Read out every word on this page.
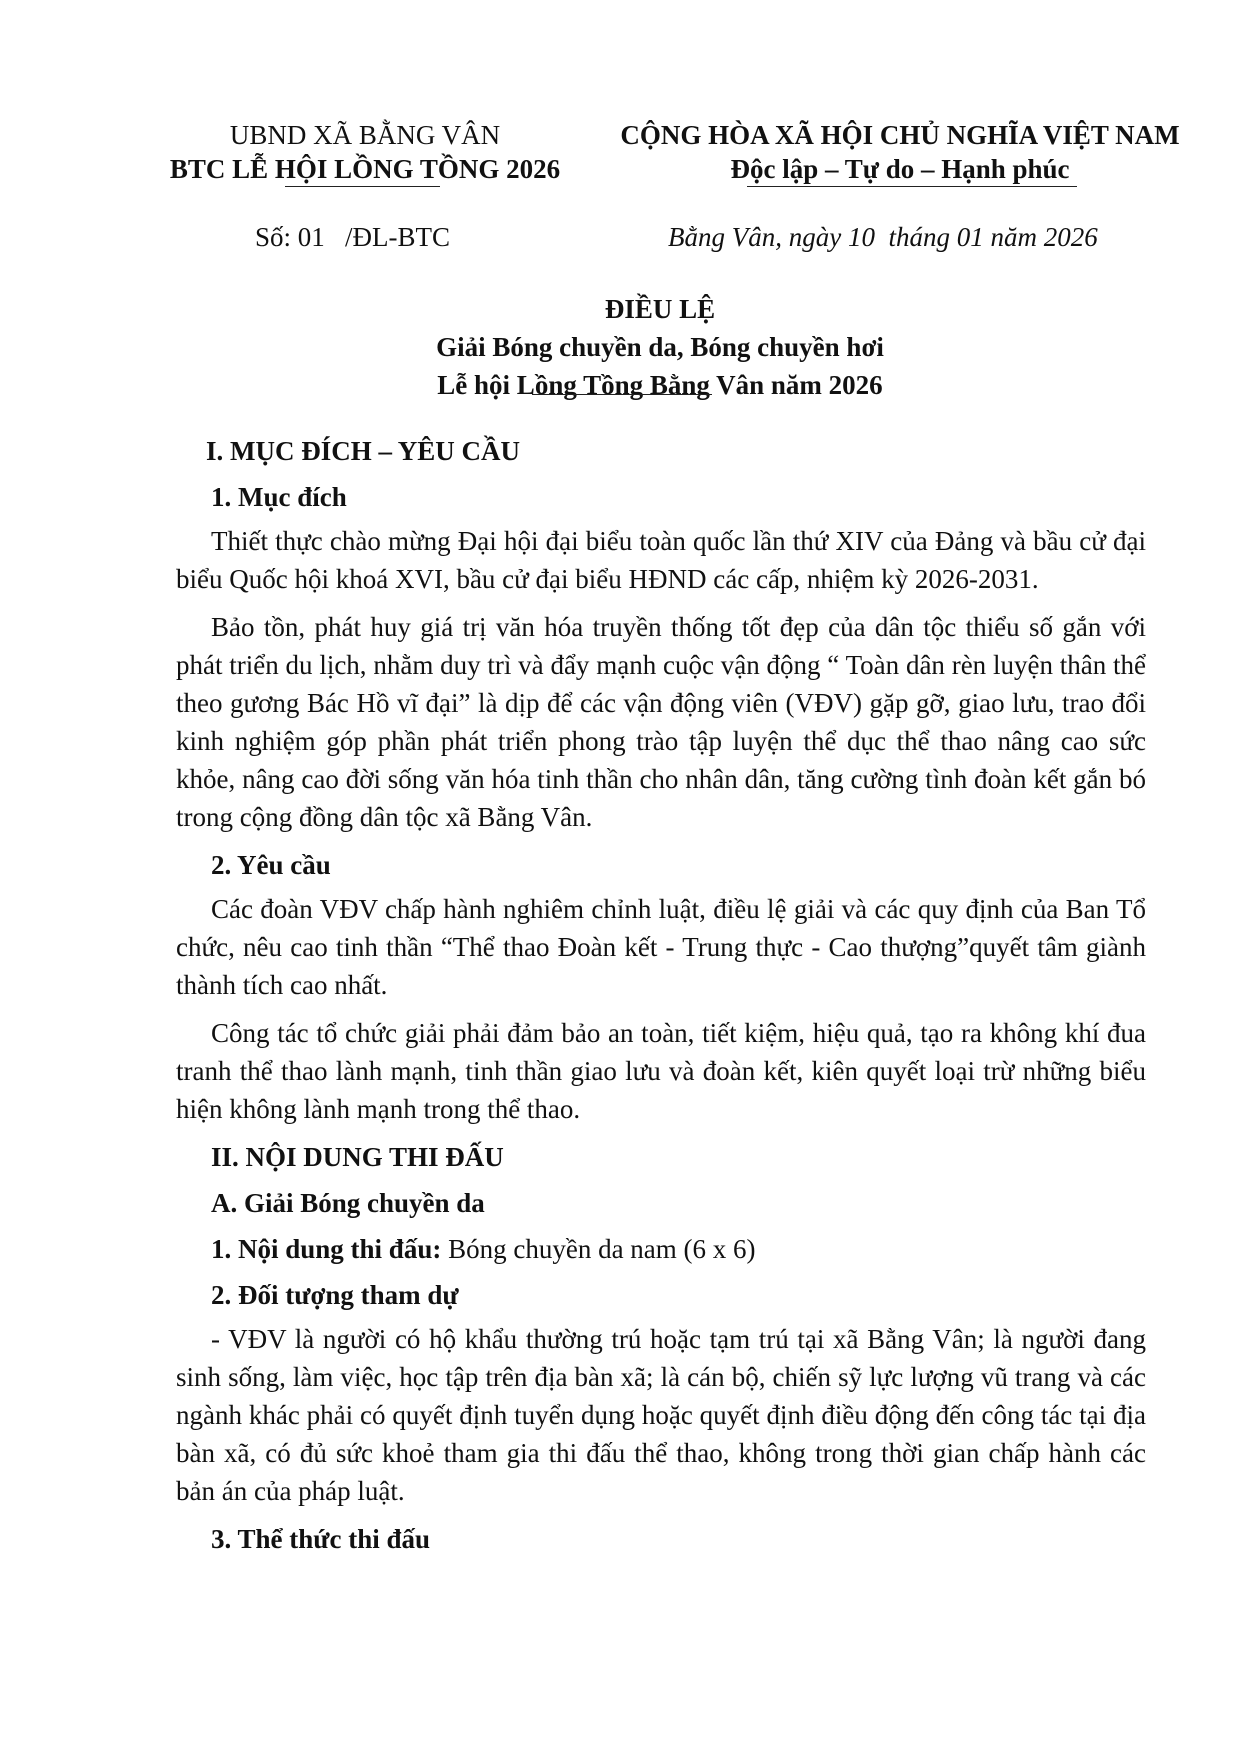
UBND XÃ BẰNG VÂN
BTC LỄ HỘI LỒNG TỒNG 2026
CỘNG HÒA XÃ HỘI CHỦ NGHĨA VIỆT NAM
Độc lập – Tự do – Hạnh phúc
Số: 01   /ĐL-BTC	Bằng Vân, ngày 10  tháng 01 năm 2026
ĐIỀU LỆ
Giải Bóng chuyền da, Bóng chuyền hơi
Lễ hội Lồng Tồng Bằng Vân năm 2026

I. MỤC ĐÍCH – YÊU CẦU

1. Mục đích

Thiết thực chào mừng Đại hội đại biểu toàn quốc lần thứ XIV của Đảng và bầu cử đại biểu Quốc hội khoá XVI, bầu cử đại biểu HĐND các cấp, nhiệm kỳ 2026-2031.

Bảo tồn, phát huy giá trị văn hóa truyền thống tốt đẹp của dân tộc thiểu số gắn với phát triển du lịch, nhằm duy trì và đẩy mạnh cuộc vận động “ Toàn dân rèn luyện thân thể theo gương Bác Hồ vĩ đại” là dịp để các vận động viên (VĐV) gặp gỡ, giao lưu, trao đổi kinh nghiệm góp phần phát triển phong trào tập luyện thể dục thể thao nâng cao sức khỏe, nâng cao đời sống văn hóa tinh thần cho nhân dân, tăng cường tình đoàn kết gắn bó trong cộng đồng dân tộc xã Bằng Vân.

2. Yêu cầu

Các đoàn VĐV chấp hành nghiêm chỉnh luật, điều lệ giải và các quy định của Ban Tổ chức, nêu cao tinh thần “Thể thao Đoàn kết - Trung thực - Cao thượng”quyết tâm giành thành tích cao nhất.

Công tác tổ chức giải phải đảm bảo an toàn, tiết kiệm, hiệu quả, tạo ra không khí đua tranh thể thao lành mạnh, tinh thần giao lưu và đoàn kết, kiên quyết loại trừ những biểu hiện không lành mạnh trong thể thao.

II. NỘI DUNG THI ĐẤU

A. Giải Bóng chuyền da

1. Nội dung thi đấu: Bóng chuyền da nam (6 x 6)

2. Đối tượng tham dự

- VĐV là người có hộ khẩu thường trú hoặc tạm trú tại xã Bằng Vân; là người đang sinh sống, làm việc, học tập trên địa bàn xã; là cán bộ, chiến sỹ lực lượng vũ trang và các ngành khác phải có quyết định tuyển dụng hoặc quyết định điều động đến công tác tại địa bàn xã, có đủ sức khoẻ tham gia thi đấu thể thao, không trong thời gian chấp hành các bản án của pháp luật.

3. Thể thức thi đấu
